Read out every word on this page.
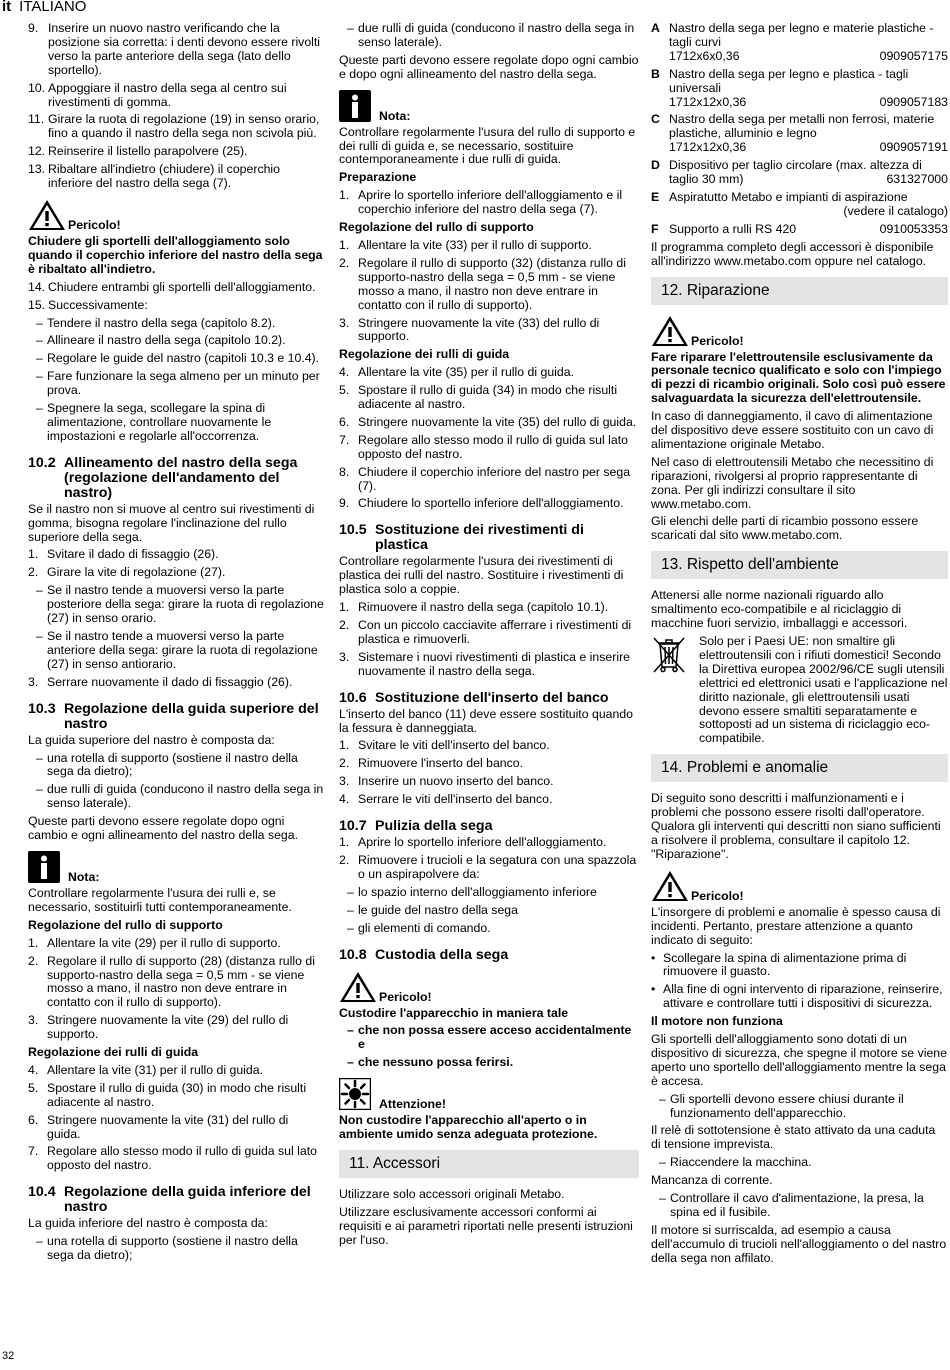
it ITALIANO
32
9. Inserire un nuovo nastro verificando che la posizione sia corretta: i denti devono essere rivolti verso la parte anteriore della sega (lato dello sportello).
10. Appoggiare il nastro della sega al centro sui rivestimenti di gomma.
11. Girare la ruota di regolazione (19) in senso orario, fino a quando il nastro della sega non scivola più.
12. Reinserire il listello parapolvere (25).
13. Ribaltare all'indietro (chiudere) il coperchio inferiore del nastro della sega (7).
Pericolo!

Chiudere gli sportelli dell'alloggiamento solo quando il coperchio inferiore del nastro della sega è ribaltato all'indietro.

14. Chiudere entrambi gli sportelli dell'alloggiamento.
15. Successivamente:
– Tendere il nastro della sega (capitolo 8.2).
– Allineare il nastro della sega (capitolo 10.2).
– Regolare le guide del nastro (capitoli 10.3 e 10.4).
– Fare funzionare la sega almeno per un minuto per prova.
– Spegnere la sega, scollegare la spina di alimentazione, controllare nuovamente le impostazioni e regolarle all'occorrenza.
10.2 Allineamento del nastro della sega (regolazione dell'andamento del nastro)

Se il nastro non si muove al centro sui rivestimenti di gomma, bisogna regolare l'inclinazione del rullo superiore della sega.

1. Svitare il dado di fissaggio (26).
2. Girare la vite di regolazione (27).
– Se il nastro tende a muoversi verso la parte posteriore della sega: girare la ruota di regolazione (27) in senso orario.
– Se il nastro tende a muoversi verso la parte anteriore della sega: girare la ruota di regolazione (27) in senso antiorario.
3. Serrare nuovamente il dado di fissaggio (26).
10.3 Regolazione della guida superiore del nastro

La guida superiore del nastro è composta da:

– una rotella di supporto (sostiene il nastro della sega da dietro);
– due rulli di guida (conducono il nastro della sega in senso laterale).

Queste parti devono essere regolate dopo ogni cambio e ogni allineamento del nastro della sega.

Nota:

Controllare regolarmente l'usura dei rulli e, se necessario, sostituirli tutti contemporaneamente.

Regolazione del rullo di supporto
1. Allentare la vite (29) per il rullo di supporto.
2. Regolare il rullo di supporto (28) (distanza rullo di supporto-nastro della sega = 0,5 mm - se viene mosso a mano, il nastro non deve entrare in contatto con il rullo di supporto).
3. Stringere nuovamente la vite (29) del rullo di supporto.
Regolazione dei rulli di guida
4. Allentare la vite (31) per il rullo di guida.
5. Spostare il rullo di guida (30) in modo che risulti adiacente al nastro.
6. Stringere nuovamente la vite (31) del rullo di guida.
7. Regolare allo stesso modo il rullo di guida sul lato opposto del nastro.
10.4 Regolazione della guida inferiore del nastro

La guida inferiore del nastro è composta da:

– una rotella di supporto (sostiene il nastro della sega da dietro);
– due rulli di guida (conducono il nastro della sega in senso laterale).

Queste parti devono essere regolate dopo ogni cambio e dopo ogni allineamento del nastro della sega.

Nota:

Controllare regolarmente l'usura del rullo di supporto e dei rulli di guida e, se necessario, sostituire contemporaneamente i due rulli di guida.

Preparazione
1. Aprire lo sportello inferiore dell'alloggiamento e il coperchio inferiore del nastro della sega (7).
Regolazione del rullo di supporto
1. Allentare la vite (33) per il rullo di supporto.
2. Regolare il rullo di supporto (32) (distanza rullo di supporto-nastro della sega = 0,5 mm - se viene mosso a mano, il nastro non deve entrare in contatto con il rullo di supporto).
3. Stringere nuovamente la vite (33) del rullo di supporto.
Regolazione dei rulli di guida
4. Allentare la vite (35) per il rullo di guida.
5. Spostare il rullo di guida (34) in modo che risulti adiacente al nastro.
6. Stringere nuovamente la vite (35) del rullo di guida.
7. Regolare allo stesso modo il rullo di guida sul lato opposto del nastro.
8. Chiudere il coperchio inferiore del nastro per sega (7).
9. Chiudere lo sportello inferiore dell'alloggiamento.
10.5 Sostituzione dei rivestimenti di plastica

Controllare regolarmente l'usura dei rivestimenti di plastica dei rulli del nastro. Sostituire i rivestimenti di plastica solo a coppie.

1. Rimuovere il nastro della sega (capitolo 10.1).
2. Con un piccolo cacciavite afferrare i rivestimenti di plastica e rimuoverli.
3. Sistemare i nuovi rivestimenti di plastica e inserire nuovamente il nastro della sega.
10.6 Sostituzione dell'inserto del banco

L'inserto del banco (11) deve essere sostituito quando la fessura è danneggiata.

1. Svitare le viti dell'inserto del banco.
2. Rimuovere l'inserto del banco.
3. Inserire un nuovo inserto del banco.
4. Serrare le viti dell'inserto del banco.
10.7 Pulizia della sega
1. Aprire lo sportello inferiore dell'alloggiamento.
2. Rimuovere i trucioli e la segatura con una spazzola o un aspirapolvere da:
– lo spazio interno dell'alloggiamento inferiore
– le guide del nastro della sega
– gli elementi di comando.
10.8 Custodia della sega
Pericolo!

Custodire l'apparecchio in maniera tale

– che non possa essere acceso accidentalmente e
– che nessuno possa ferirsi.
Attenzione!

Non custodire l'apparecchio all'aperto o in ambiente umido senza adeguata protezione.

11. Accessori

Utilizzare solo accessori originali Metabo.

Utilizzare esclusivamente accessori conformi ai requisiti e ai parametri riportati nelle presenti istruzioni per l'uso.

A Nastro della sega per legno e materie plastiche - tagli curvi
1712x6x0,36	0909057175
B Nastro della sega per legno e plastica - tagli universali
1712x12x0,36	0909057183
C Nastro della sega per metalli non ferrosi, materie plastiche, alluminio e legno
1712x12x0,36	0909057191
D Dispositivo per taglio circolare (max. altezza di taglio 30 mm)	631327000
E Aspiratutto Metabo e impianti di aspirazione
(vedere il catalogo)
F Supporto a rulli RS 420	0910053353

Il programma completo degli accessori è disponibile all'indirizzo www.metabo.com oppure nel catalogo.

12. Riparazione
Pericolo!

Fare riparare l'elettroutensile esclusivamente da personale tecnico qualificato e solo con l'impiego di pezzi di ricambio originali. Solo così può essere salvaguardata la sicurezza dell'elettroutensile.

In caso di danneggiamento, il cavo di alimentazione del dispositivo deve essere sostituito con un cavo di alimentazione originale Metabo.

Nel caso di elettroutensili Metabo che necessitino di riparazioni, rivolgersi al proprio rappresentante di zona. Per gli indirizzi consultare il sito www.metabo.com.

Gli elenchi delle parti di ricambio possono essere scaricati dal sito www.metabo.com.

13. Rispetto dell'ambiente

Attenersi alle norme nazionali riguardo allo smaltimento eco-compatibile e al riciclaggio di macchine fuori servizio, imballaggi e accessori.

Solo per i Paesi UE: non smaltire gli elettroutensili con i rifiuti domestici! Secondo la Direttiva europea 2002/96/CE sugli utensili elettrici ed elettronici usati e l'applicazione nel diritto nazionale, gli elettroutensili usati devono essere smaltiti separatamente e sottoposti ad un sistema di riciclaggio eco-compatibile.

14. Problemi e anomalie

Di seguito sono descritti i malfunzionamenti e i problemi che possono essere risolti dall'operatore. Qualora gli interventi qui descritti non siano sufficienti a risolvere il problema, consultare il capitolo 12. "Riparazione".

Pericolo!

L'insorgere di problemi e anomalie è spesso causa di incidenti. Pertanto, prestare attenzione a quanto indicato di seguito:

• Scollegare la spina di alimentazione prima di rimuovere il guasto.
• Alla fine di ogni intervento di riparazione, reinserire, attivare e controllare tutti i dispositivi di sicurezza.
Il motore non funziona

Gli sportelli dell'alloggiamento sono dotati di un dispositivo di sicurezza, che spegne il motore se viene aperto uno sportello dell'alloggiamento mentre la sega è accesa.

– Gli sportelli devono essere chiusi durante il funzionamento dell'apparecchio.

Il relè di sottotensione è stato attivato da una caduta di tensione imprevista.

– Riaccendere la macchina.

Mancanza di corrente.

– Controllare il cavo d'alimentazione, la presa, la spina ed il fusibile.

Il motore si surriscalda, ad esempio a causa dell'accumulo di trucioli nell'alloggiamento o del nastro della sega non affilato.
